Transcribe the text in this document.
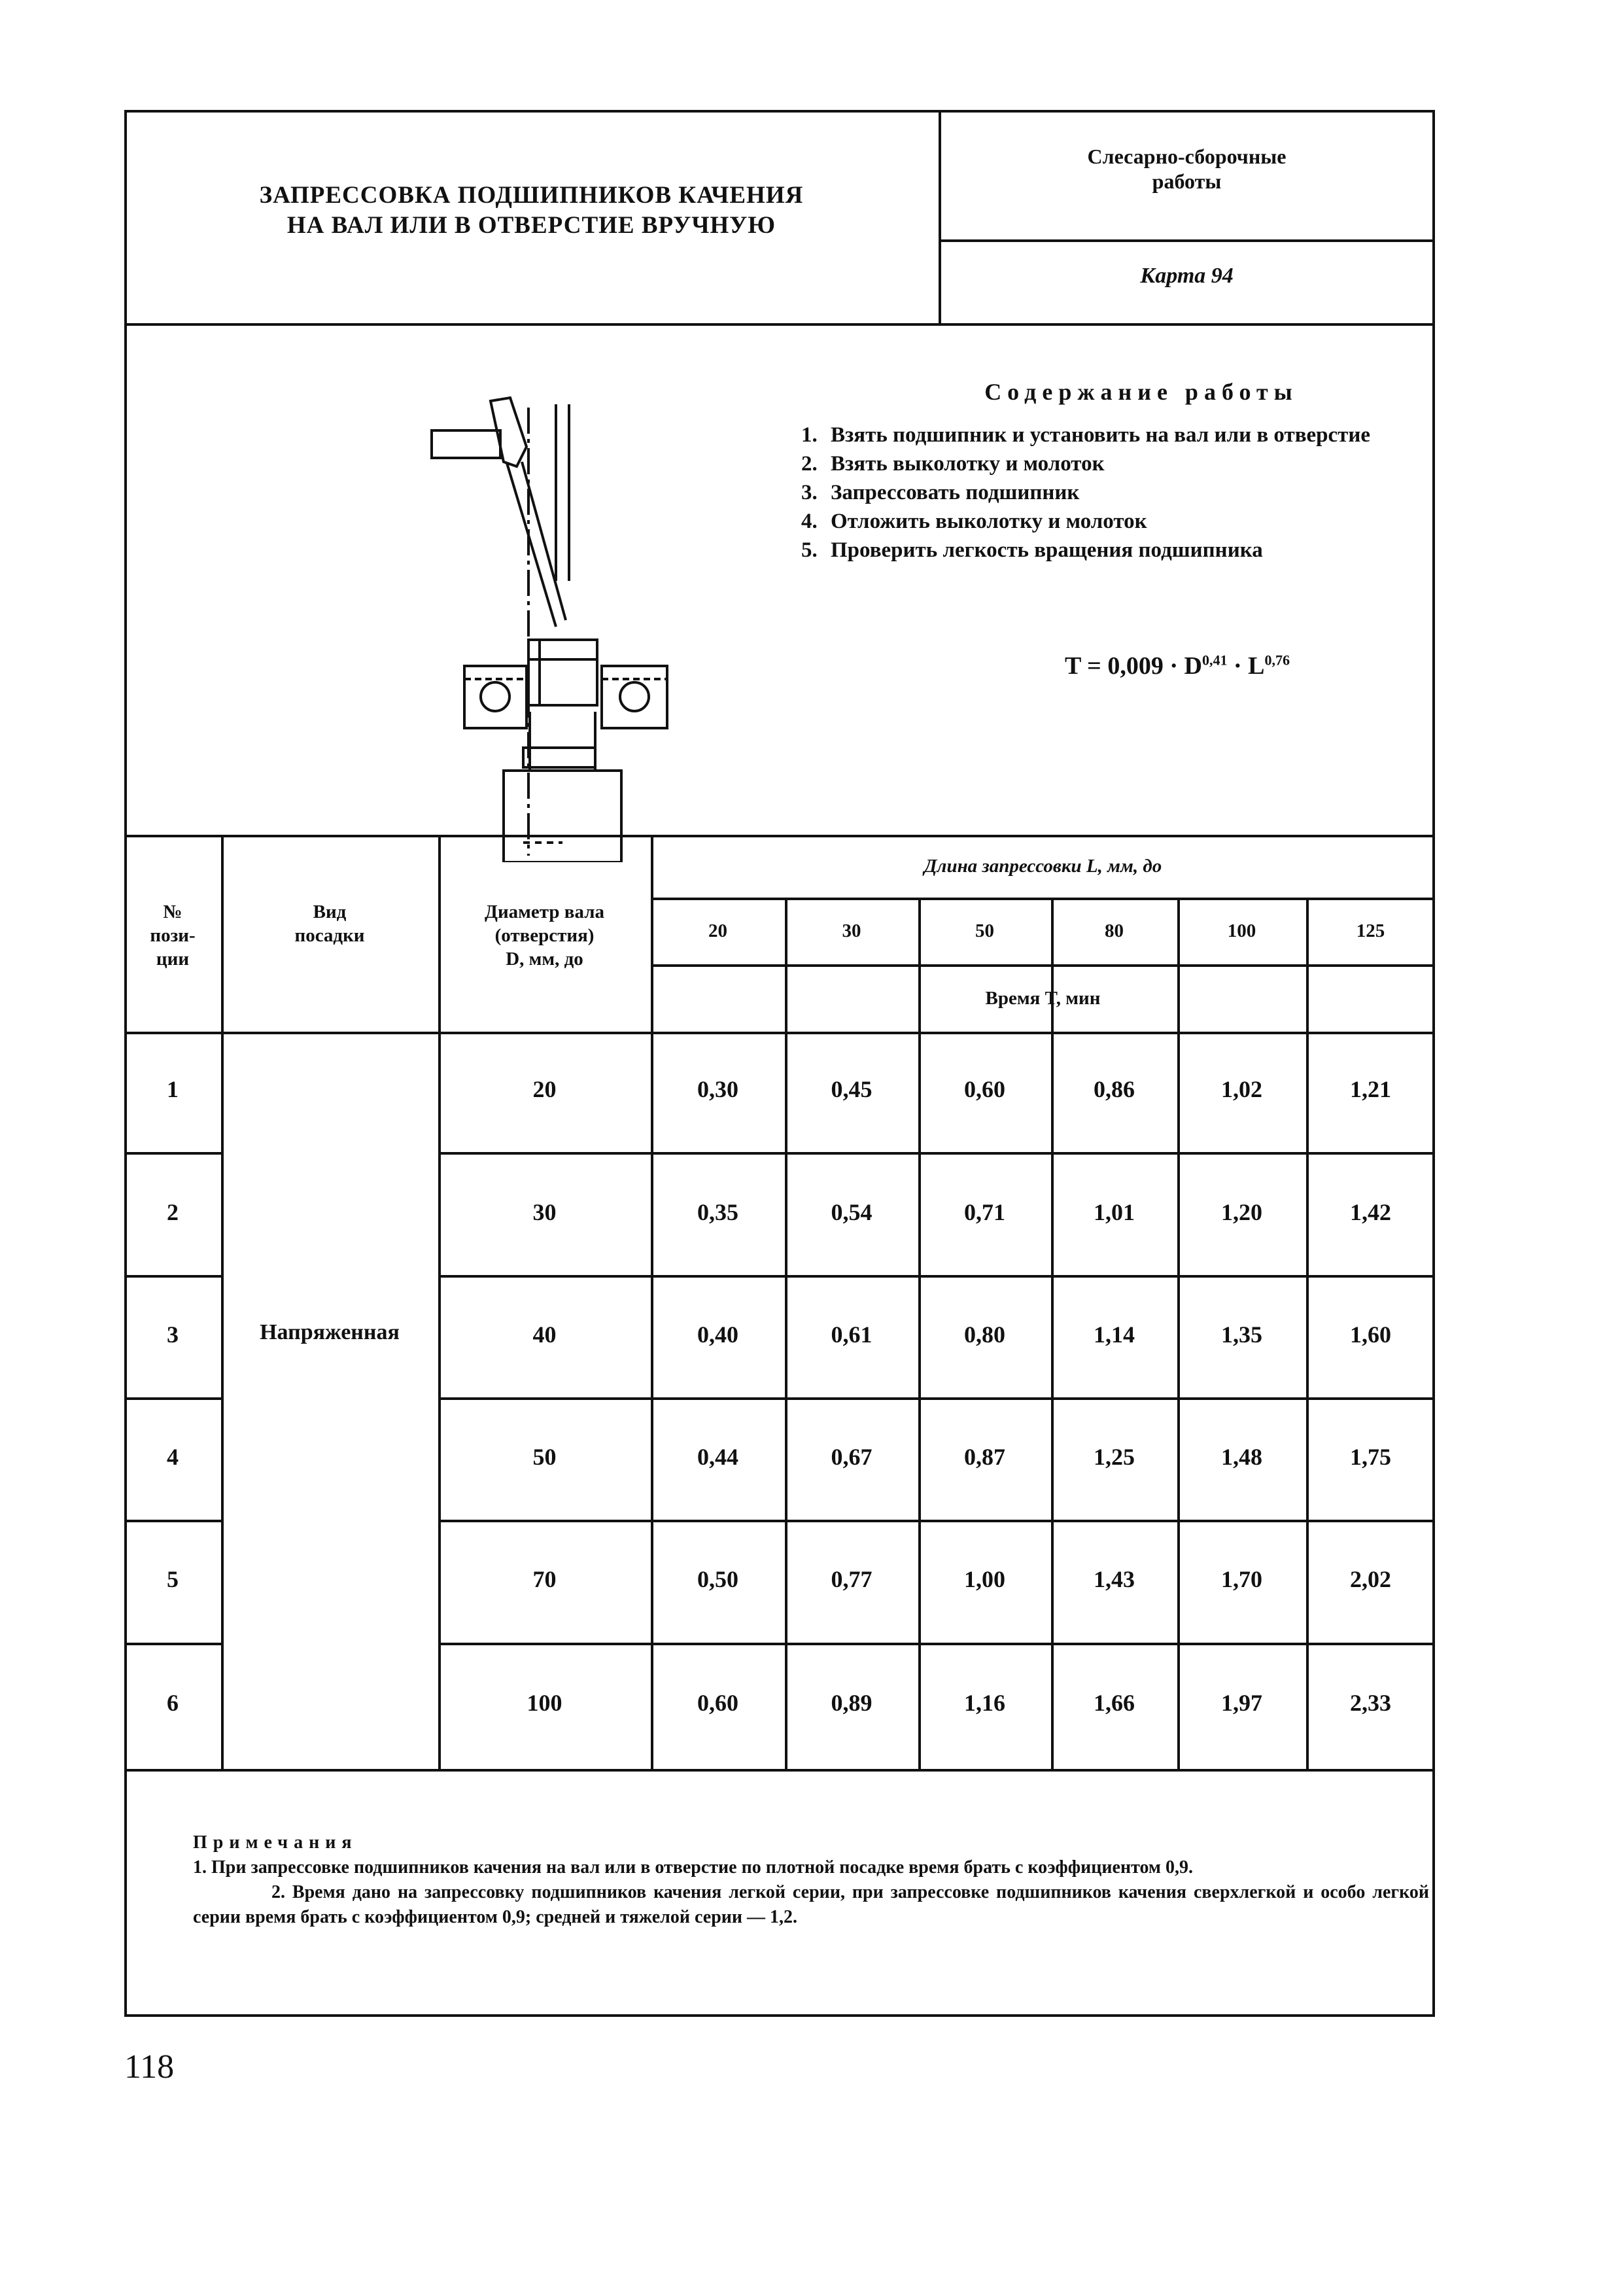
ЗАПРЕССОВКА ПОДШИПНИКОВ КАЧЕНИЯ
НА ВАЛ ИЛИ В ОТВЕРСТИЕ ВРУЧНУЮ
Слесарно-сборочные
работы
Карта 94
Содержание работы
1. Взять подшипник и установить на вал или в отверстие
2. Взять выколотку и молоток
3. Запрессовать подшипник
4. Отложить выколотку и молоток
5. Проверить легкость вращения подшипника
T = 0,009 · D$^{0,41}$ · L$^{0,76}$
№
пози-
ции
Вид
посадки
Диаметр вала
(отверстия)
D, мм, до
Длина запрессовки L, мм, до
20	30	50	80	100	125
Время T, мин
Напряженная
1	20	0,30	0,45	0,60	0,86	1,02	1,21
2	30	0,35	0,54	0,71	1,01	1,20	1,42
3	40	0,40	0,61	0,80	1,14	1,35	1,60
4	50	0,44	0,67	0,87	1,25	1,48	1,75
5	70	0,50	0,77	1,00	1,43	1,70	2,02
6	100	0,60	0,89	1,16	1,66	1,97	2,33
Примечания
1. При запрессовке подшипников качения на вал или в отверстие по плотной посадке время брать с коэффициентом 0,9.
2. Время дано на запрессовку подшипников качения легкой серии, при запрессовке подшипников качения сверхлегкой и особо легкой серии время брать с коэффициентом 0,9; средней и тяжелой серии — 1,2.
118
